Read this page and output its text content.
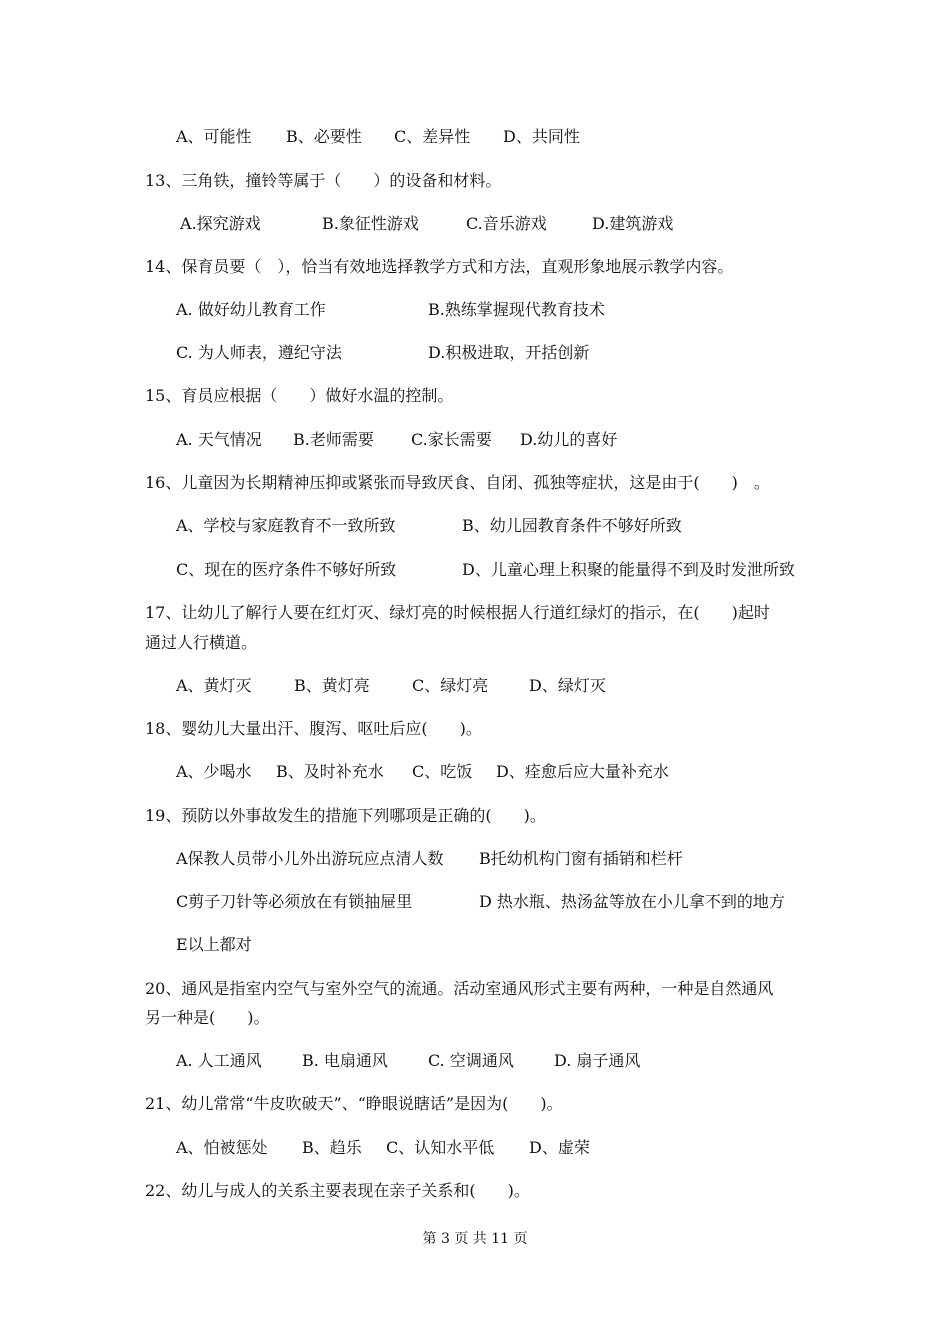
A、可能性 B、必要性 C、差异性 D、共同性
13、三角铁，撞铃等属于（　　）的设备和材料。
A.探究游戏	B.象征性游戏	C.音乐游戏	D.建筑游戏
14、保育员要（　），恰当有效地选择教学方式和方法，直观形象地展示教学内容。
A. 做好幼儿教育工作	B.熟练掌握现代教育技术
C. 为人师表，遵纪守法	D.积极进取，开括创新
15、育员应根据（　　）做好水温的控制。
A. 天气情况 B.老师需要 C.家长需要 D.幼儿的喜好
16、儿童因为长期精神压抑或紧张而导致厌食、自闭、孤独等症状，这是由于(　　)　。
A、学校与家庭教育不一致所致	B、幼儿园教育条件不够好所致
C、现在的医疗条件不够好所致	D、儿童心理上积聚的能量得不到及时发泄所致
17、让幼儿了解行人要在红灯灭、绿灯亮的时候根据人行道红绿灯的指示，在(　　)起时
通过人行横道。
A、黄灯灭	B、黄灯亮	C、绿灯亮	D、绿灯灭
18、婴幼儿大量出汗、腹泻、呕吐后应(　　)。
A、少喝水 B、及时补充水 C、吃饭 D、痊愈后应大量补充水
19、预防以外事故发生的措施下列哪项是正确的(　　)。
A保教人员带小儿外出游玩应点清人数 B托幼机构门窗有插销和栏杆
C剪子刀针等必须放在有锁抽屉里	D 热水瓶、热汤盆等放在小儿拿不到的地方
E以上都对
20、通风是指室内空气与室外空气的流通。活动室通风形式主要有两种，一种是自然通风
另一种是(　　)。
A. 人工通风	B. 电扇通风	C. 空调通风	D. 扇子通风
21、幼儿常常“牛皮吹破天”、“睁眼说瞎话”是因为(　　)。
A、怕被惩处 B、趋乐 C、认知水平低 D、虚荣
22、幼儿与成人的关系主要表现在亲子关系和(　　)。
第 3 页 共 11 页
